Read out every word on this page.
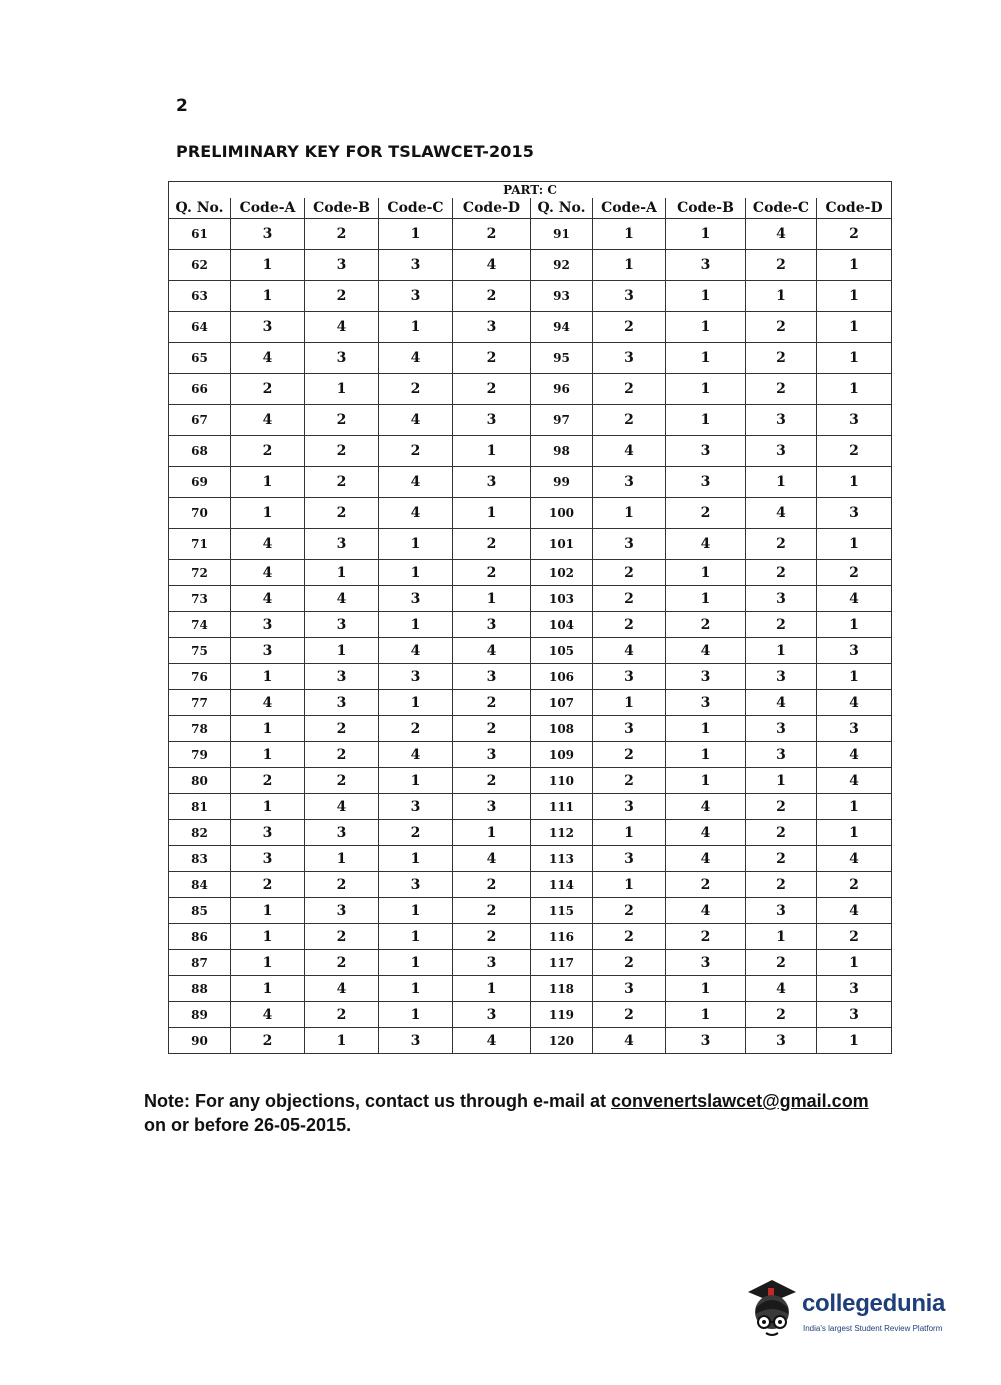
2
PRELIMINARY KEY FOR TSLAWCET-2015
PART: C									
Q. No.	Code-A	Code-B	Code-C	Code-D	Q. No.	Code-A	Code-B	Code-C	Code-D
61	3	2	1	2	91	1	1	4	2
62	1	3	3	4	92	1	3	2	1
63	1	2	3	2	93	3	1	1	1
64	3	4	1	3	94	2	1	2	1
65	4	3	4	2	95	3	1	2	1
66	2	1	2	2	96	2	1	2	1
67	4	2	4	3	97	2	1	3	3
68	2	2	2	1	98	4	3	3	2
69	1	2	4	3	99	3	3	1	1
70	1	2	4	1	100	1	2	4	3
71	4	3	1	2	101	3	4	2	1
72	4	1	1	2	102	2	1	2	2
73	4	4	3	1	103	2	1	3	4
74	3	3	1	3	104	2	2	2	1
75	3	1	4	4	105	4	4	1	3
76	1	3	3	3	106	3	3	3	1
77	4	3	1	2	107	1	3	4	4
78	1	2	2	2	108	3	1	3	3
79	1	2	4	3	109	2	1	3	4
80	2	2	1	2	110	2	1	1	4
81	1	4	3	3	111	3	4	2	1
82	3	3	2	1	112	1	4	2	1
83	3	1	1	4	113	3	4	2	4
84	2	2	3	2	114	1	2	2	2
85	1	3	1	2	115	2	4	3	4
86	1	2	1	2	116	2	2	1	2
87	1	2	1	3	117	2	3	2	1
88	1	4	1	1	118	3	1	4	3
89	4	2	1	3	119	2	1	2	3
90	2	1	3	4	120	4	3	3	1
Note: For any objections, contact us through e-mail at convenertslawcet@gmail.com
on or before 26-05-2015.
collegedunia
India's largest Student Review Platform
